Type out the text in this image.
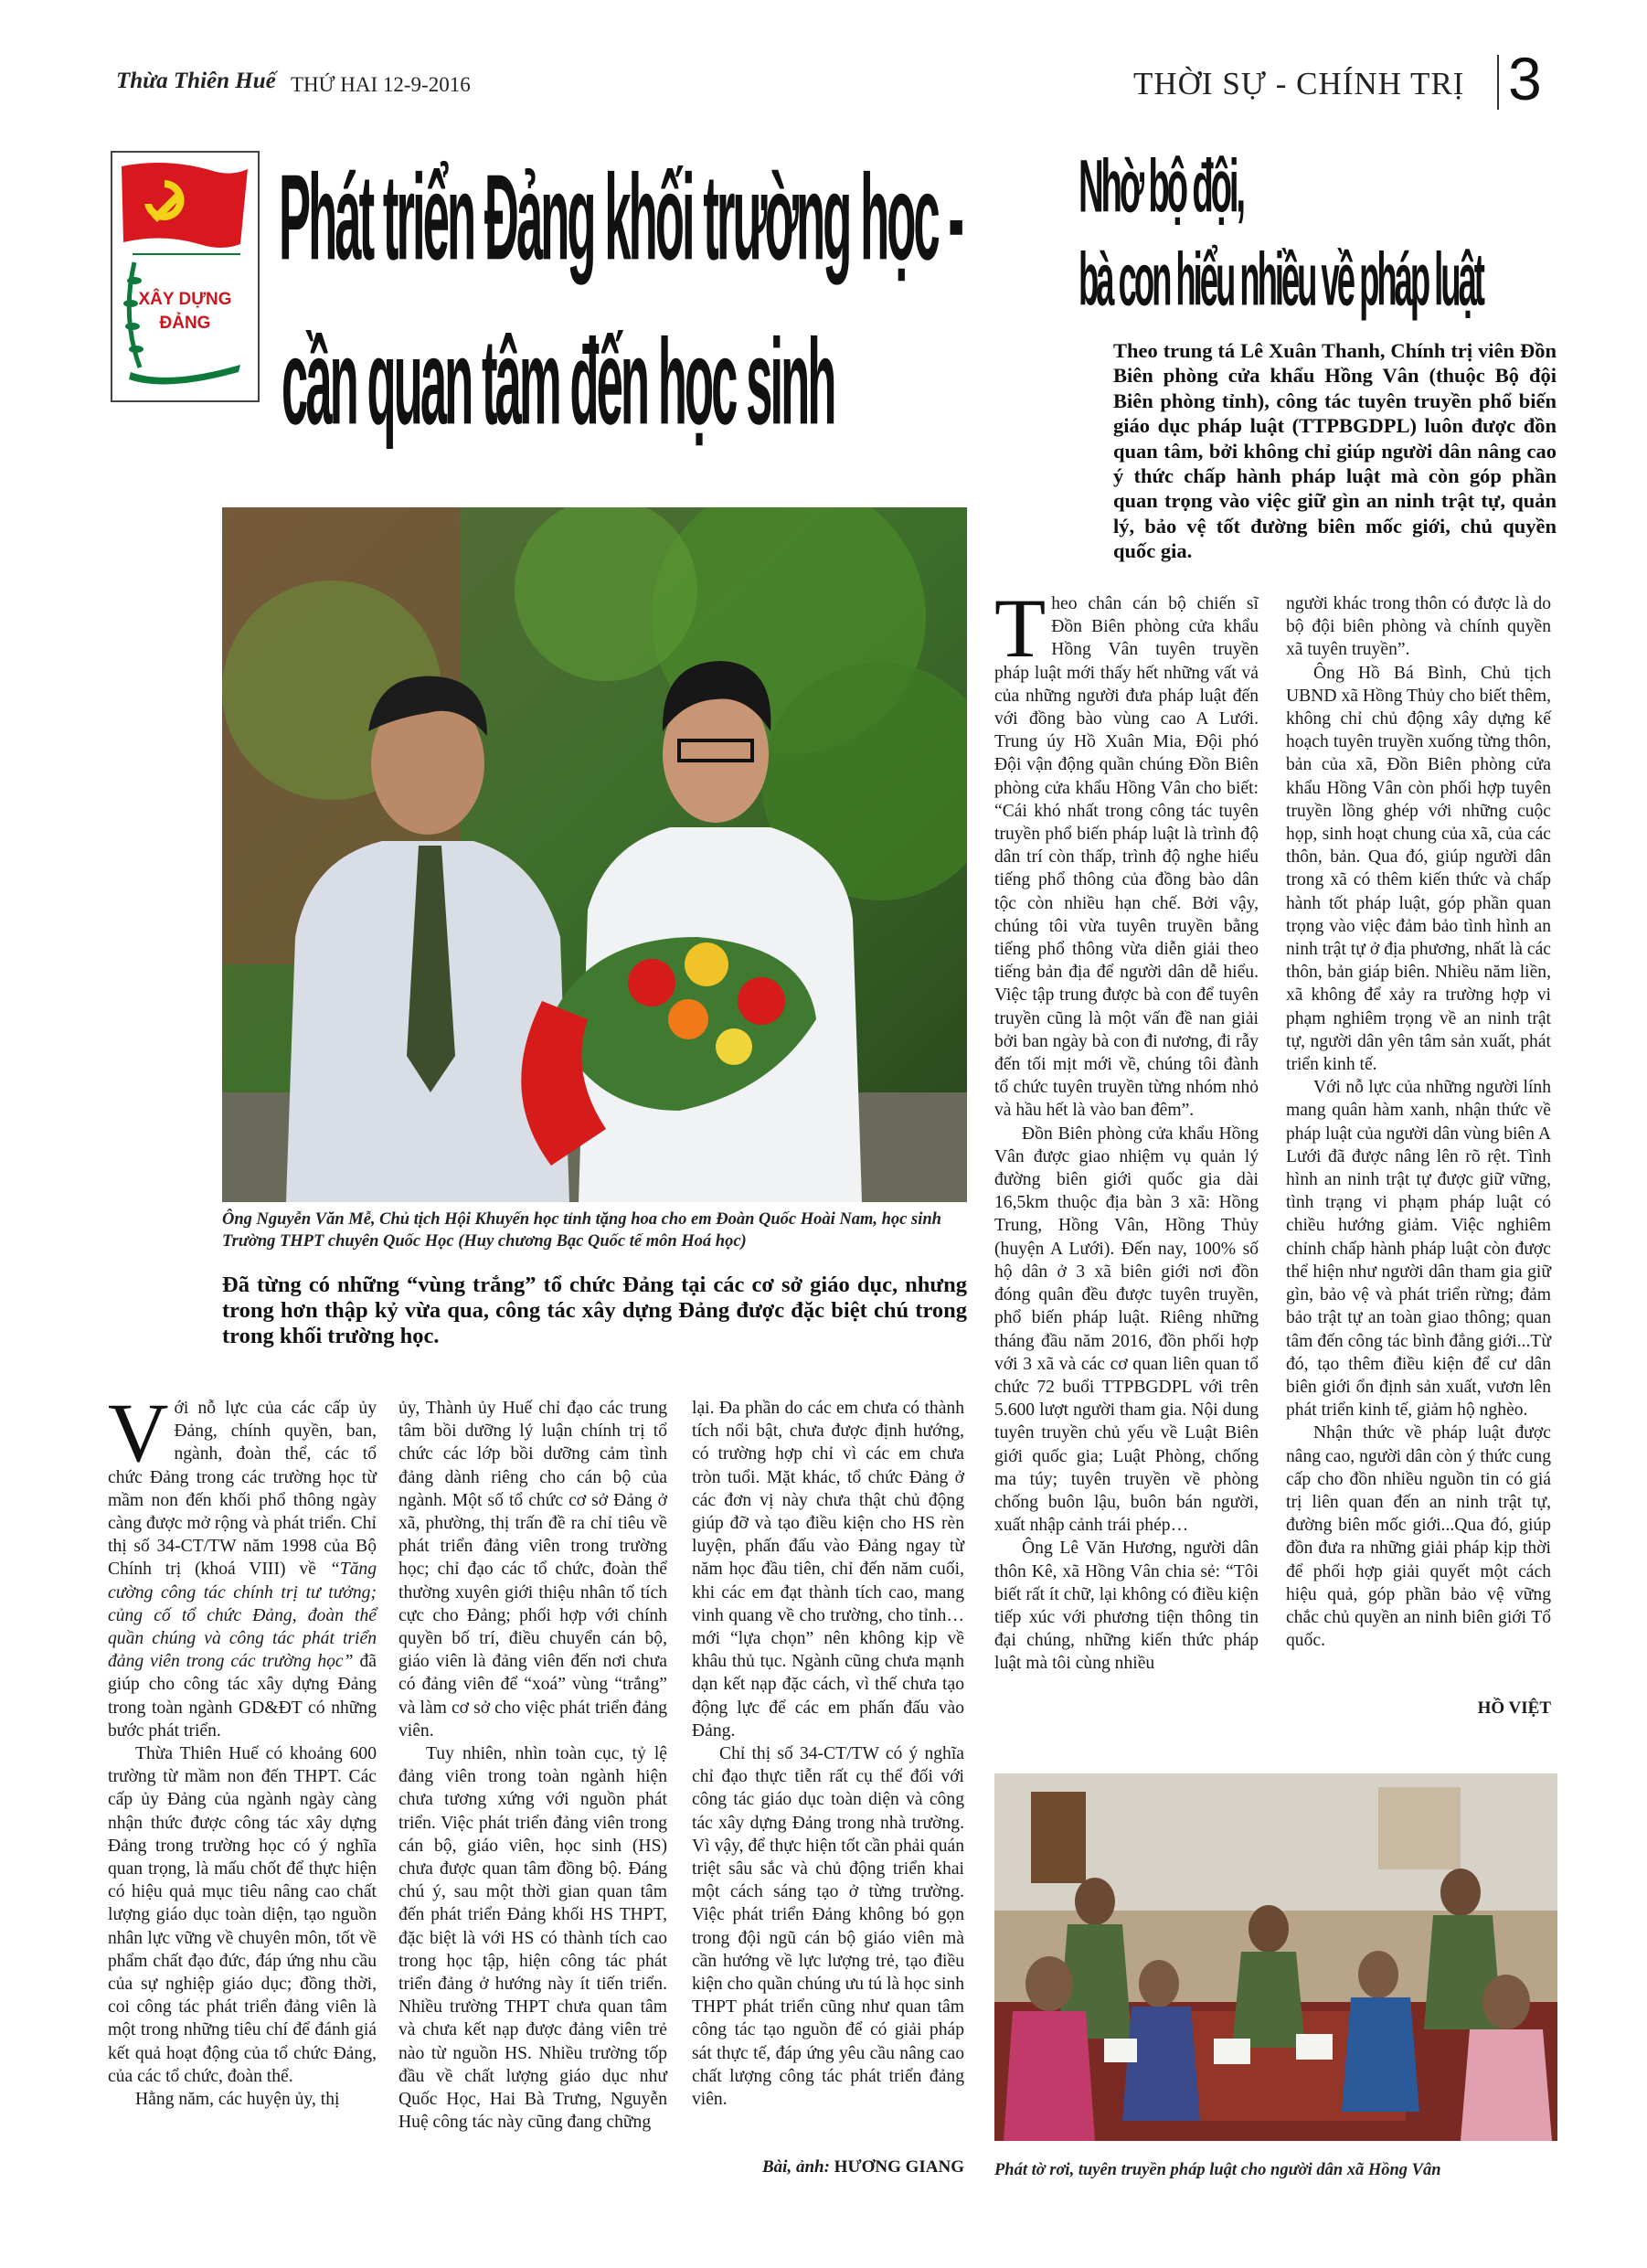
Thừa Thiên Huế THỨ HAI 12-9-2016	THỜI SỰ - CHÍNH TRỊ 3
XÂY DỰNG
ĐẢNG
Phát triển Đảng khối trường học -
cần quan tâm đến học sinh
Ông Nguyễn Văn Mễ, Chủ tịch Hội Khuyến học tỉnh tặng hoa cho em Đoàn Quốc Hoài Nam, học sinh Trường THPT chuyên Quốc Học (Huy chương Bạc Quốc tế môn Hoá học)
Đã từng có những “vùng trắng” tổ chức Đảng tại các cơ sở giáo dục, nhưng trong hơn thập kỷ vừa qua, công tác xây dựng Đảng được đặc biệt chú trong trong khối trường học.

Với nỗ lực của các cấp ủy Đảng, chính quyền, ban, ngành, đoàn thể, các tổ chức Đảng trong các trường học từ mầm non đến khối phổ thông ngày càng được mở rộng và phát triển. Chỉ thị số 34-CT/TW năm 1998 của Bộ Chính trị (khoá VIII) về “Tăng cường công tác chính trị tư tưởng; củng cố tổ chức Đảng, đoàn thể quần chúng và công tác phát triển đảng viên trong các trường học” đã giúp cho công tác xây dựng Đảng trong toàn ngành GD&ĐT có những bước phát triển.

Thừa Thiên Huế có khoảng 600 trường từ mầm non đến THPT. Các cấp ủy Đảng của ngành ngày càng nhận thức được công tác xây dựng Đảng trong trường học có ý nghĩa quan trọng, là mấu chốt để thực hiện có hiệu quả mục tiêu nâng cao chất lượng giáo dục toàn diện, tạo nguồn nhân lực vững về chuyên môn, tốt về phẩm chất đạo đức, đáp ứng nhu cầu của sự nghiệp giáo dục; đồng thời, coi công tác phát triển đảng viên là một trong những tiêu chí để đánh giá kết quả hoạt động của tổ chức Đảng, của các tổ chức, đoàn thể.

Hằng năm, các huyện ủy, thị

ủy, Thành ủy Huế chỉ đạo các trung tâm bồi dưỡng lý luận chính trị tổ chức các lớp bồi dưỡng cảm tình đảng dành riêng cho cán bộ của ngành. Một số tổ chức cơ sở Đảng ở xã, phường, thị trấn đề ra chỉ tiêu về phát triển đảng viên trong trường học; chỉ đạo các tổ chức, đoàn thể thường xuyên giới thiệu nhân tố tích cực cho Đảng; phối hợp với chính quyền bố trí, điều chuyển cán bộ, giáo viên là đảng viên đến nơi chưa có đảng viên để “xoá” vùng “trắng” và làm cơ sở cho việc phát triển đảng viên.

Tuy nhiên, nhìn toàn cục, tỷ lệ đảng viên trong toàn ngành hiện chưa tương xứng với nguồn phát triển. Việc phát triển đảng viên trong cán bộ, giáo viên, học sinh (HS) chưa được quan tâm đồng bộ. Đáng chú ý, sau một thời gian quan tâm đến phát triển Đảng khối HS THPT, đặc biệt là với HS có thành tích cao trong học tập, hiện công tác phát triển đảng ở hướng này ít tiến triển. Nhiều trường THPT chưa quan tâm và chưa kết nạp được đảng viên trẻ nào từ nguồn HS. Nhiều trường tốp đầu về chất lượng giáo dục như Quốc Học, Hai Bà Trưng, Nguyễn Huệ công tác này cũng đang chững

lại. Đa phần do các em chưa có thành tích nổi bật, chưa được định hướng, có trường hợp chỉ vì các em chưa tròn tuổi. Mặt khác, tổ chức Đảng ở các đơn vị này chưa thật chủ động giúp đỡ và tạo điều kiện cho HS rèn luyện, phấn đấu vào Đảng ngay từ năm học đầu tiên, chỉ đến năm cuối, khi các em đạt thành tích cao, mang vinh quang về cho trường, cho tỉnh… mới “lựa chọn” nên không kịp về khâu thủ tục. Ngành cũng chưa mạnh dạn kết nạp đặc cách, vì thế chưa tạo động lực để các em phấn đấu vào Đảng.

Chỉ thị số 34-CT/TW có ý nghĩa chỉ đạo thực tiễn rất cụ thể đối với công tác giáo dục toàn diện và công tác xây dựng Đảng trong nhà trường. Vì vậy, để thực hiện tốt cần phải quán triệt sâu sắc và chủ động triển khai một cách sáng tạo ở từng trường. Việc phát triển Đảng không bó gọn trong đội ngũ cán bộ giáo viên mà cần hướng về lực lượng trẻ, tạo điều kiện cho quần chúng ưu tú là học sinh THPT phát triển cũng như quan tâm công tác tạo nguồn để có giải pháp sát thực tế, đáp ứng yêu cầu nâng cao chất lượng công tác phát triển đảng viên.

Bài, ảnh: HƯƠNG GIANG
Nhờ bộ đội,
bà con hiểu nhiều về pháp luật
Theo trung tá Lê Xuân Thanh, Chính trị viên Đồn Biên phòng cửa khẩu Hồng Vân (thuộc Bộ đội Biên phòng tỉnh), công tác tuyên truyền phổ biến giáo dục pháp luật (TTPBGDPL) luôn được đồn quan tâm, bởi không chỉ giúp người dân nâng cao ý thức chấp hành pháp luật mà còn góp phần quan trọng vào việc giữ gìn an ninh trật tự, quản lý, bảo vệ tốt đường biên mốc giới, chủ quyền quốc gia.

Theo chân cán bộ chiến sĩ Đồn Biên phòng cửa khẩu Hồng Vân tuyên truyền pháp luật mới thấy hết những vất vả của những người đưa pháp luật đến với đồng bào vùng cao A Lưới. Trung úy Hồ Xuân Mia, Đội phó Đội vận động quần chúng Đồn Biên phòng cửa khẩu Hồng Vân cho biết: “Cái khó nhất trong công tác tuyên truyền phổ biến pháp luật là trình độ dân trí còn thấp, trình độ nghe hiểu tiếng phổ thông của đồng bào dân tộc còn nhiều hạn chế. Bởi vậy, chúng tôi vừa tuyên truyền bằng tiếng phổ thông vừa diễn giải theo tiếng bản địa để người dân dễ hiểu. Việc tập trung được bà con để tuyên truyền cũng là một vấn đề nan giải bởi ban ngày bà con đi nương, đi rẫy đến tối mịt mới về, chúng tôi đành tổ chức tuyên truyền từng nhóm nhỏ và hầu hết là vào ban đêm”.

Đồn Biên phòng cửa khẩu Hồng Vân được giao nhiệm vụ quản lý đường biên giới quốc gia dài 16,5km thuộc địa bàn 3 xã: Hồng Trung, Hồng Vân, Hồng Thủy (huyện A Lưới). Đến nay, 100% số hộ dân ở 3 xã biên giới nơi đồn đóng quân đều được tuyên truyền, phổ biến pháp luật. Riêng những tháng đầu năm 2016, đồn phối hợp với 3 xã và các cơ quan liên quan tổ chức 72 buổi TTPBGDPL với trên 5.600 lượt người tham gia. Nội dung tuyên truyền chủ yếu về Luật Biên giới quốc gia; Luật Phòng, chống ma túy; tuyên truyền về phòng chống buôn lậu, buôn bán người, xuất nhập cảnh trái phép…

Ông Lê Văn Hương, người dân thôn Kê, xã Hồng Vân chia sẻ: “Tôi biết rất ít chữ, lại không có điều kiện tiếp xúc với phương tiện thông tin đại chúng, những kiến thức pháp luật mà tôi cùng nhiều

người khác trong thôn có được là do bộ đội biên phòng và chính quyền xã tuyên truyền”.

Ông Hồ Bá Bình, Chủ tịch UBND xã Hồng Thủy cho biết thêm, không chỉ chủ động xây dựng kế hoạch tuyên truyền xuống từng thôn, bản của xã, Đồn Biên phòng cửa khẩu Hồng Vân còn phối hợp tuyên truyền lồng ghép với những cuộc họp, sinh hoạt chung của xã, của các thôn, bản. Qua đó, giúp người dân trong xã có thêm kiến thức và chấp hành tốt pháp luật, góp phần quan trọng vào việc đảm bảo tình hình an ninh trật tự ở địa phương, nhất là các thôn, bản giáp biên. Nhiều năm liền, xã không để xảy ra trường hợp vi phạm nghiêm trọng về an ninh trật tự, người dân yên tâm sản xuất, phát triển kinh tế.

Với nỗ lực của những người lính mang quân hàm xanh, nhận thức về pháp luật của người dân vùng biên A Lưới đã được nâng lên rõ rệt. Tình hình an ninh trật tự được giữ vững, tình trạng vi phạm pháp luật có chiều hướng giảm. Việc nghiêm chỉnh chấp hành pháp luật còn được thể hiện như người dân tham gia giữ gìn, bảo vệ và phát triển rừng; đảm bảo trật tự an toàn giao thông; quan tâm đến công tác bình đẳng giới...Từ đó, tạo thêm điều kiện để cư dân biên giới ổn định sản xuất, vươn lên phát triển kinh tế, giảm hộ nghèo.

Nhận thức về pháp luật được nâng cao, người dân còn ý thức cung cấp cho đồn nhiều nguồn tin có giá trị liên quan đến an ninh trật tự, đường biên mốc giới...Qua đó, giúp đồn đưa ra những giải pháp kịp thời để phối hợp giải quyết một cách hiệu quả, góp phần bảo vệ vững chắc chủ quyền an ninh biên giới Tổ quốc.

HỒ VIỆT
Phát tờ rơi, tuyên truyền pháp luật cho người dân xã Hồng Vân
